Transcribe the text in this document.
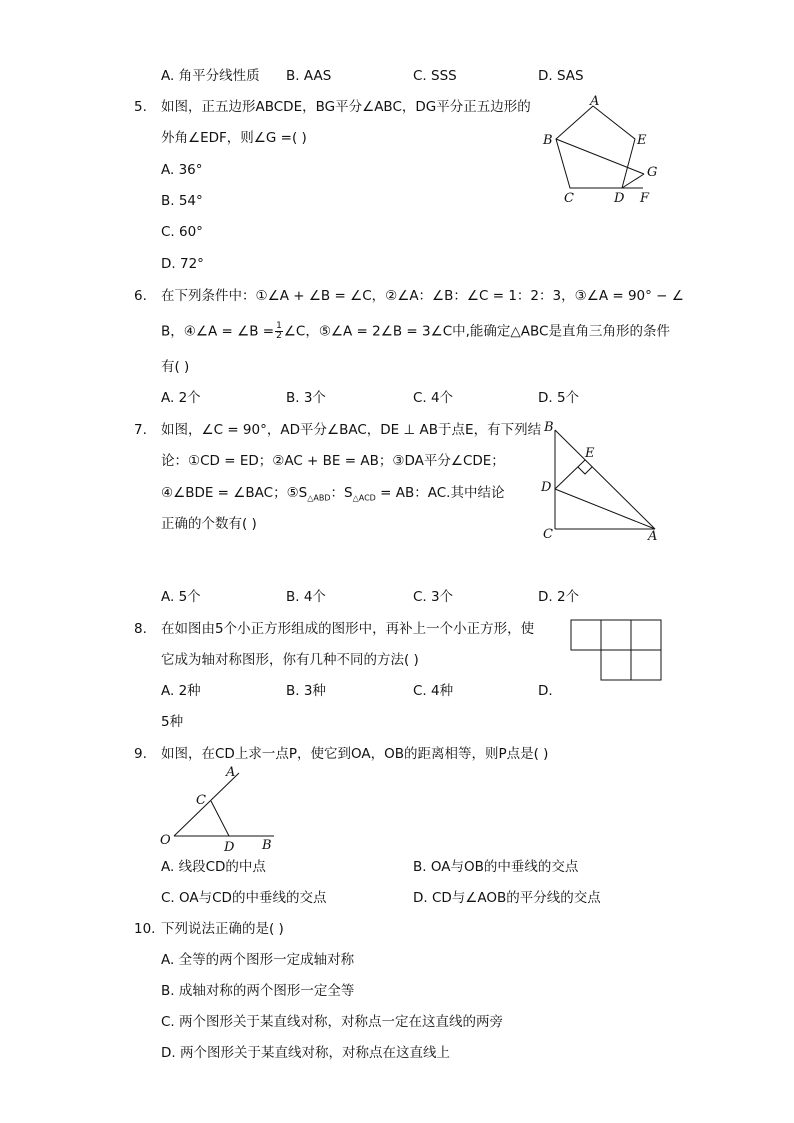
A. 角平分线性质 B. AAS	C. SSS	D. SAS
5. 如图，正五边形ABCDE，BG平分∠ABC，DG平分正五边形的
外角∠EDF，则∠G =( )
A. 36°
B. 54°
C. 60°
D. 72°
A
B
C	D
E
F
G
6. 在下列条件中：①∠A + ∠B = ∠C，②∠A：∠B：∠C = 1：2：3，③∠A = 90° − ∠
B，④∠A = ∠B = $\frac{1}{2}$ ∠C，⑤∠A = 2∠B = 3∠C中,能确定△ABC是直角三角形的条件
有( )
A. 2个	B. 3个	C. 4个	D. 5个
7. 如图，∠C = 90°，AD平分∠BAC，DE ⊥ AB于点E，有下列结
论：①CD = ED；②AC + BE = AB；③DA平分∠CDE；
④∠BDE = ∠BAC；$⑤S_{\triangle ABD}$：$S_{\triangle ACD}$ = AB：AC.其中结论
正确的个数有( )
A. 5个	B. 4个	C. 3个	D. 2个
B
E
D
C	A
8. 在如图由5个小正方形组成的图形中，再补上一个小正方形，使
它成为轴对称图形，你有几种不同的方法( )
A. 2种	B. 3种	C. 4种	D.
5种
9. 如图，在CD上求一点P，使它到OA，OB的距离相等，则P点是( )
A
C
O	D B
A. 线段CD的中点	B. OA与OB的中垂线的交点
C. OA与CD的中垂线的交点	D. CD与∠AOB的平分线的交点
10. 下列说法正确的是( )
A. 全等的两个图形一定成轴对称
B. 成轴对称的两个图形一定全等
C. 两个图形关于某直线对称，对称点一定在这直线的两旁
D. 两个图形关于某直线对称，对称点在这直线上
